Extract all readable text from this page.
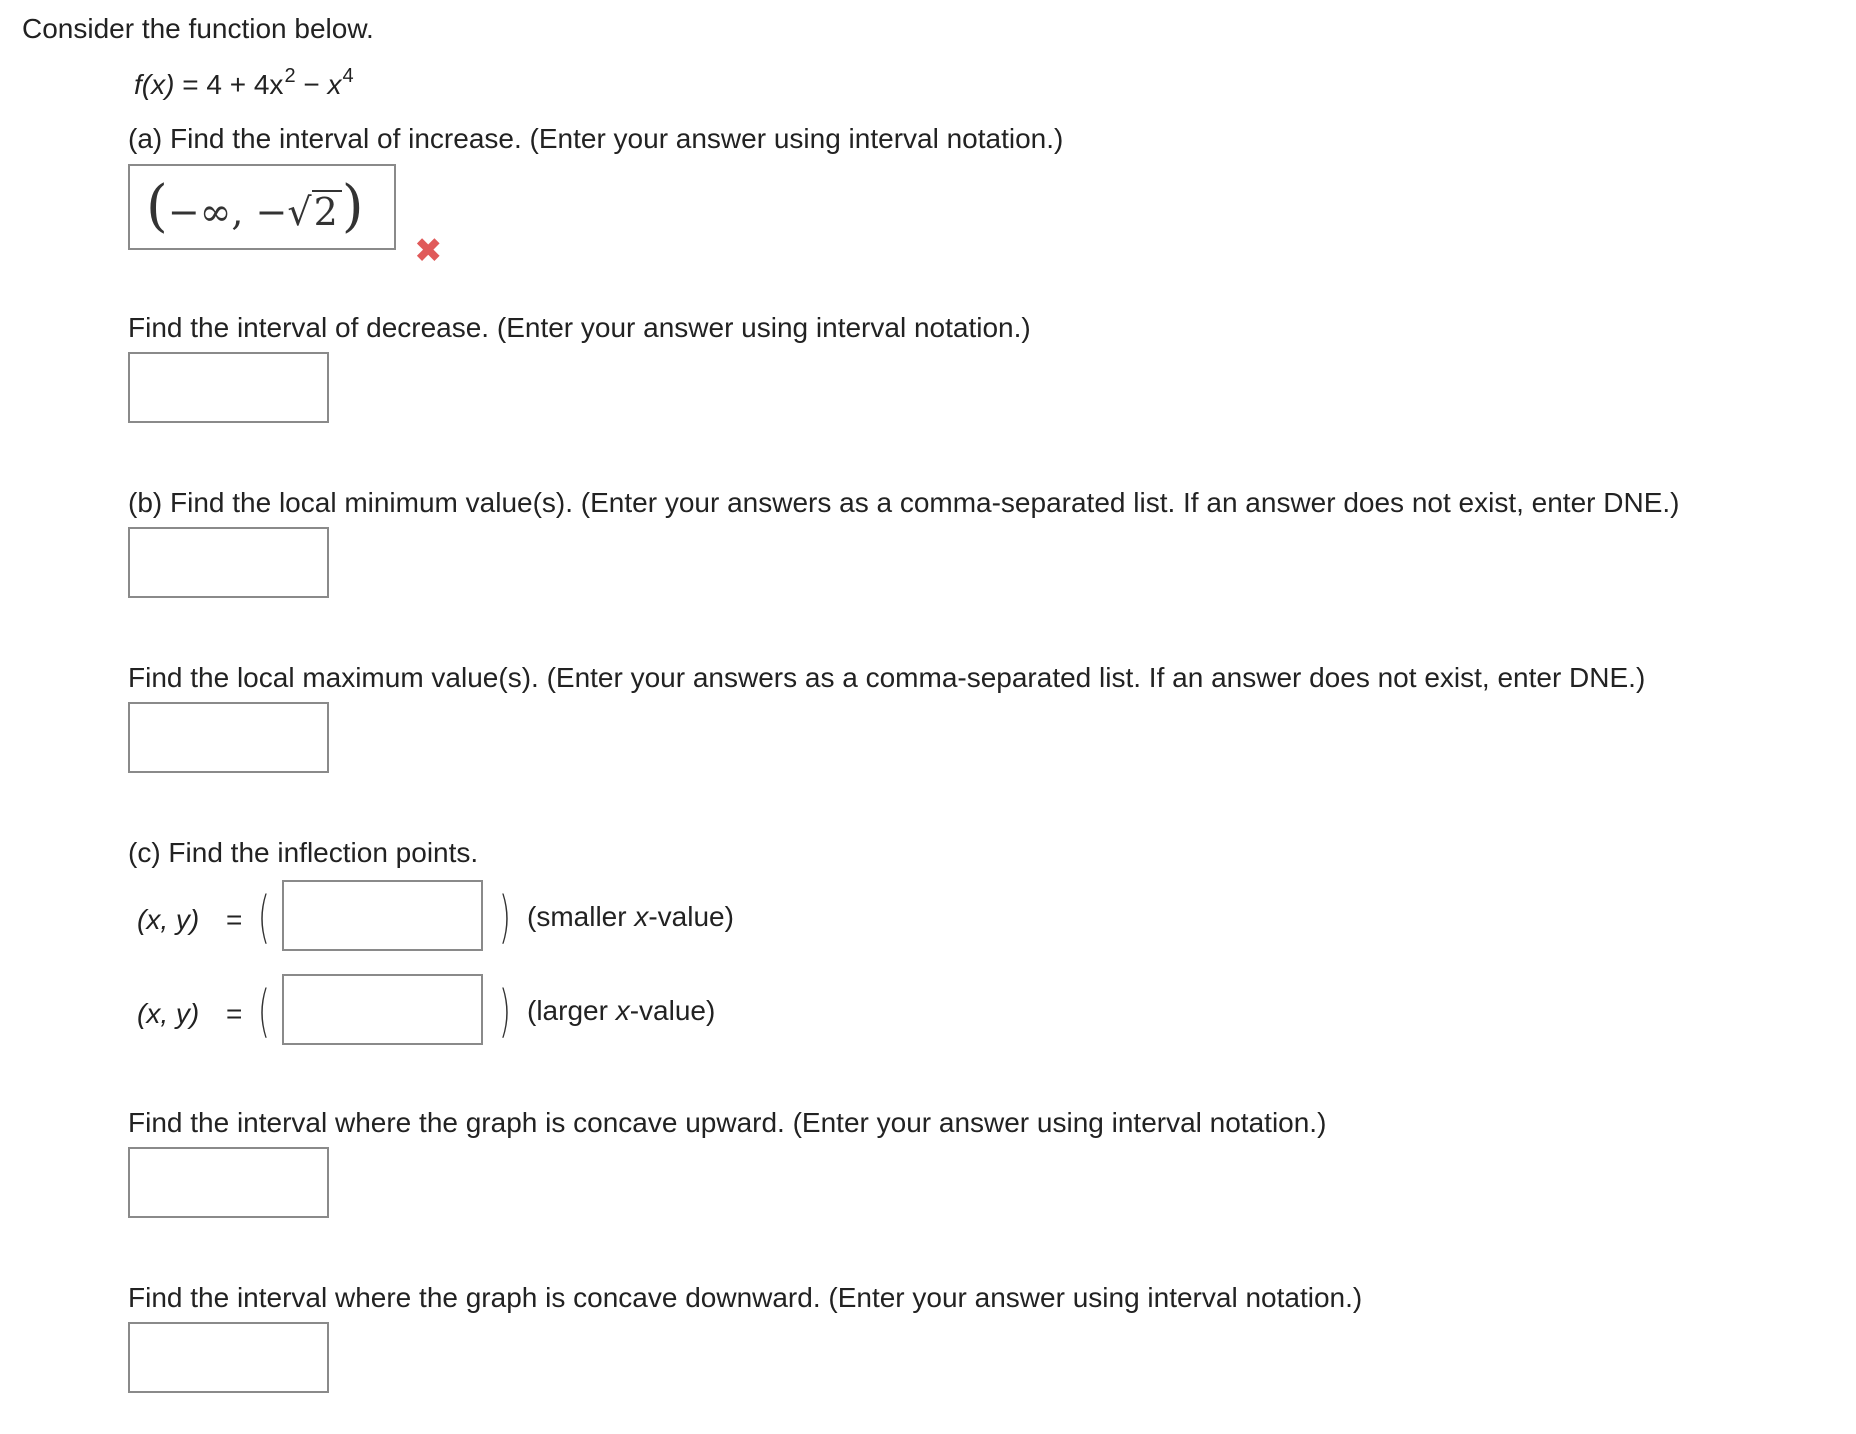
Consider the function below.
$f(x) = 4 + 4x^2 - x^4$
(a) Find the interval of increase. (Enter your answer using interval notation.)
(−∞, −√2)
✖
Find the interval of decrease. (Enter your answer using interval notation.)
(b) Find the local minimum value(s). (Enter your answers as a comma-separated list. If an answer does not exist, enter DNE.)
Find the local maximum value(s). (Enter your answers as a comma-separated list. If an answer does not exist, enter DNE.)
(c) Find the inflection points.
(x, y) = (	) (smaller x-value)
(x, y) = (	) (larger x-value)
Find the interval where the graph is concave upward. (Enter your answer using interval notation.)
Find the interval where the graph is concave downward. (Enter your answer using interval notation.)
